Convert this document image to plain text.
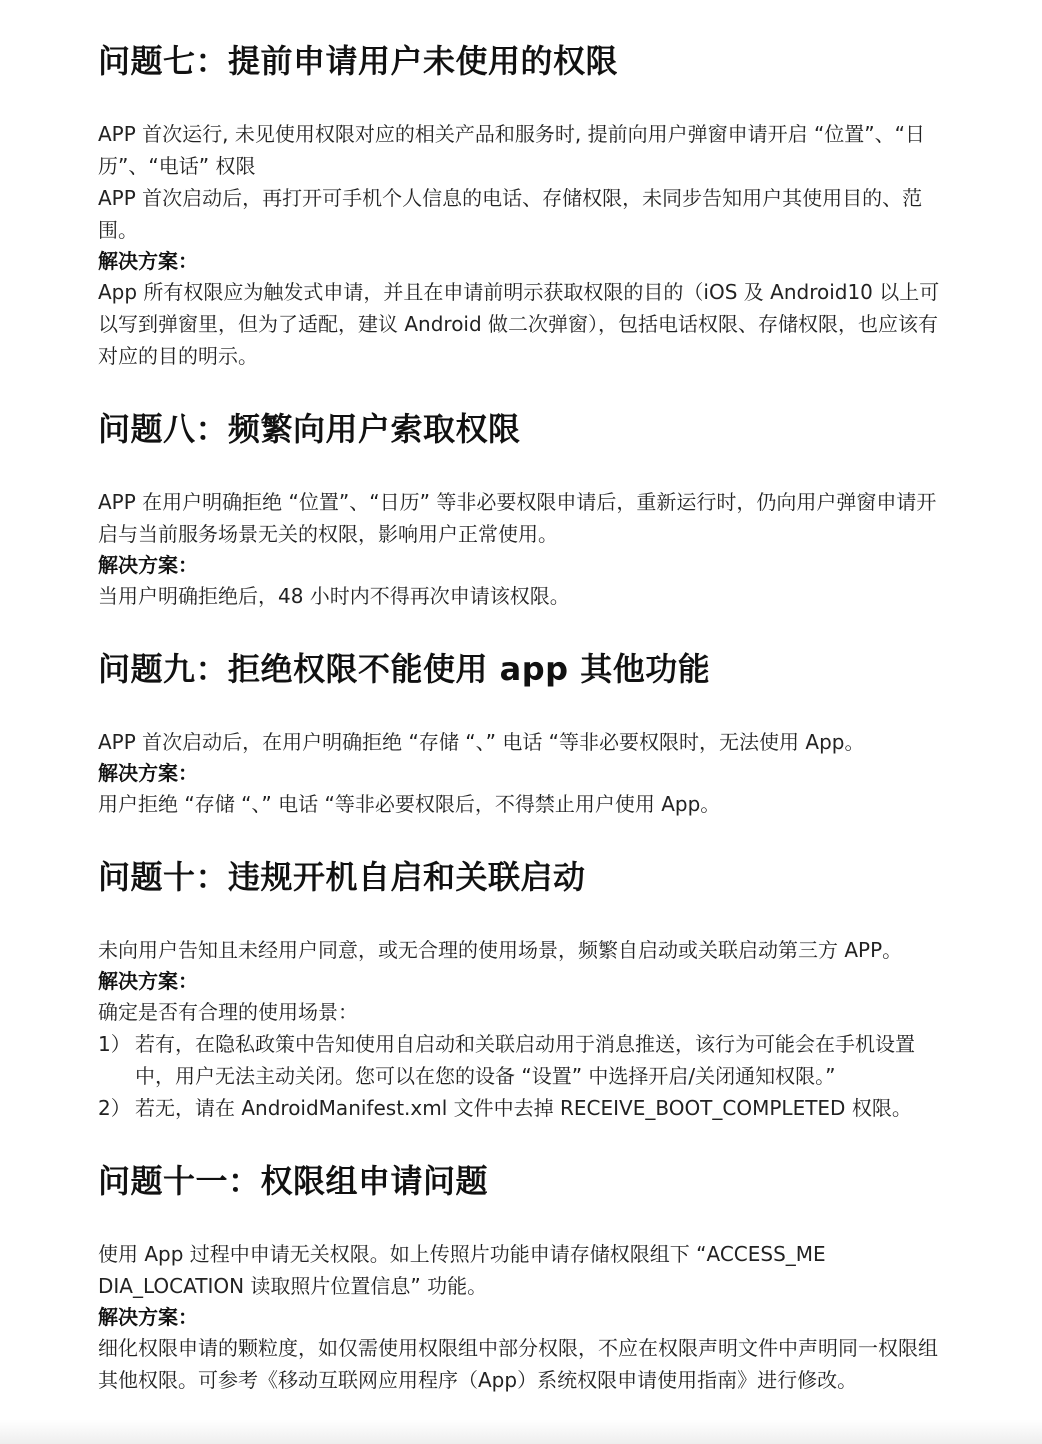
问题七：提前申请用户未使用的权限

APP 首次运行, 未见使用权限对应的相关产品和服务时, 提前向用户弹窗申请开启 “位置”、“日历”、“电话” 权限

APP 首次启动后，再打开可手机个人信息的电话、存储权限，未同步告知用户其使用目的、范围。

解决方案：

App 所有权限应为触发式申请，并且在申请前明示获取权限的目的（iOS 及 Android10 以上可以写到弹窗里，但为了适配，建议 Android 做二次弹窗），包括电话权限、存储权限，也应该有对应的目的明示。

问题八：频繁向用户索取权限

APP 在用户明确拒绝 “位置”、“日历” 等非必要权限申请后，重新运行时，仍向用户弹窗申请开启与当前服务场景无关的权限，影响用户正常使用。

解决方案：

当用户明确拒绝后，48 小时内不得再次申请该权限。

问题九：拒绝权限不能使用 app 其他功能

APP 首次启动后，在用户明确拒绝 “存储 “、” 电话 “等非必要权限时，无法使用 App。

解决方案：

用户拒绝 “存储 “、” 电话 “等非必要权限后，不得禁止用户使用 App。

问题十：违规开机自启和关联启动

未向用户告知且未经用户同意，或无合理的使用场景，频繁自启动或关联启动第三方 APP。

解决方案：

确定是否有合理的使用场景：

1） 若有，在隐私政策中告知使用自启动和关联启动用于消息推送，该行为可能会在手机设置中，用户无法主动关闭。您可以在您的设备 “设置” 中选择开启/关闭通知权限。”
2） 若无，请在 AndroidManifest.xml 文件中去掉 RECEIVE_BOOT_COMPLETED 权限。
问题十一：权限组申请问题

使用 App 过程中申请无关权限。如上传照片功能申请存储权限组下 “ACCESS_ME DIA_LOCATION 读取照片位置信息” 功能。

解决方案：

细化权限申请的颗粒度，如仅需使用权限组中部分权限，不应在权限声明文件中声明同一权限组其他权限。可参考《移动互联网应用程序（App）系统权限申请使用指南》进行修改。
